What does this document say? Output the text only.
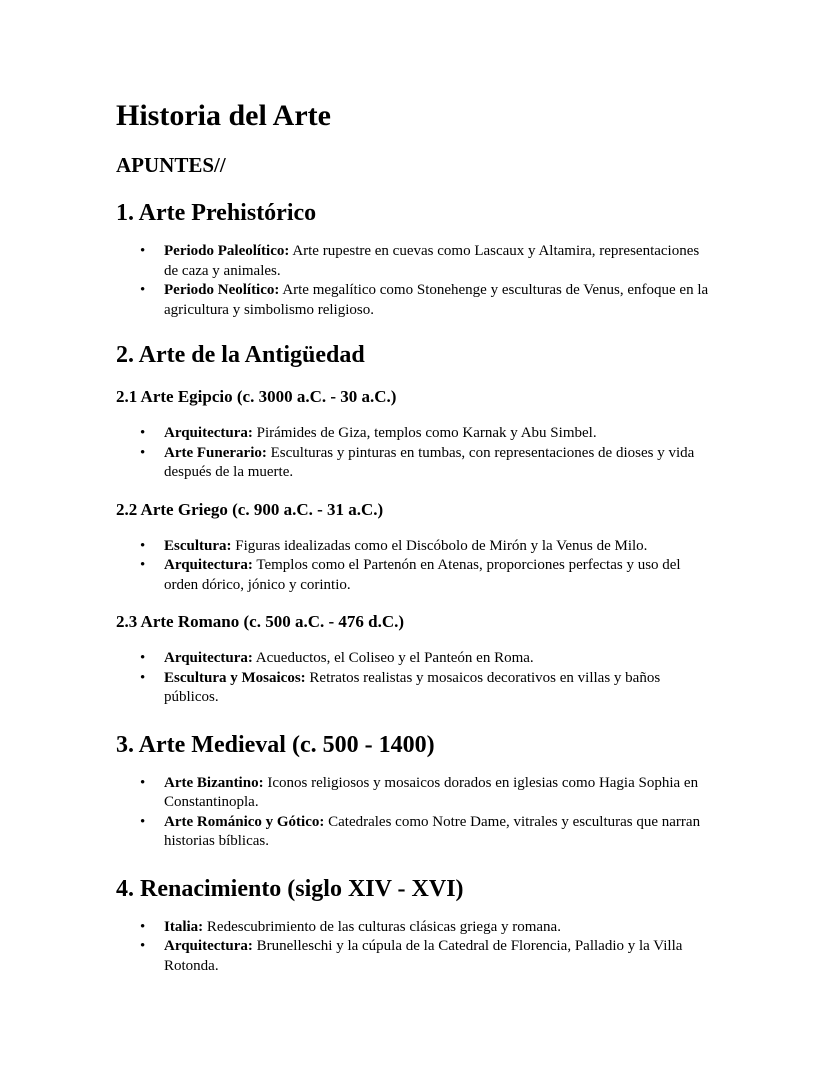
Historia del Arte
APUNTES//
1. Arte Prehistórico
• Periodo Paleolítico: Arte rupestre en cuevas como Lascaux y Altamira, representaciones de caza y animales.
• Periodo Neolítico: Arte megalítico como Stonehenge y esculturas de Venus, enfoque en la agricultura y simbolismo religioso.
2. Arte de la Antigüedad
2.1 Arte Egipcio (c. 3000 a.C. - 30 a.C.)
• Arquitectura: Pirámides de Giza, templos como Karnak y Abu Simbel.
• Arte Funerario: Esculturas y pinturas en tumbas, con representaciones de dioses y vida después de la muerte.
2.2 Arte Griego (c. 900 a.C. - 31 a.C.)
• Escultura: Figuras idealizadas como el Discóbolo de Mirón y la Venus de Milo.
• Arquitectura: Templos como el Partenón en Atenas, proporciones perfectas y uso del orden dórico, jónico y corintio.
2.3 Arte Romano (c. 500 a.C. - 476 d.C.)
• Arquitectura: Acueductos, el Coliseo y el Panteón en Roma.
• Escultura y Mosaicos: Retratos realistas y mosaicos decorativos en villas y baños públicos.
3. Arte Medieval (c. 500 - 1400)
• Arte Bizantino: Iconos religiosos y mosaicos dorados en iglesias como Hagia Sophia en Constantinopla.
• Arte Románico y Gótico: Catedrales como Notre Dame, vitrales y esculturas que narran historias bíblicas.
4. Renacimiento (siglo XIV - XVI)
• Italia: Redescubrimiento de las culturas clásicas griega y romana.
• Arquitectura: Brunelleschi y la cúpula de la Catedral de Florencia, Palladio y la Villa Rotonda.
